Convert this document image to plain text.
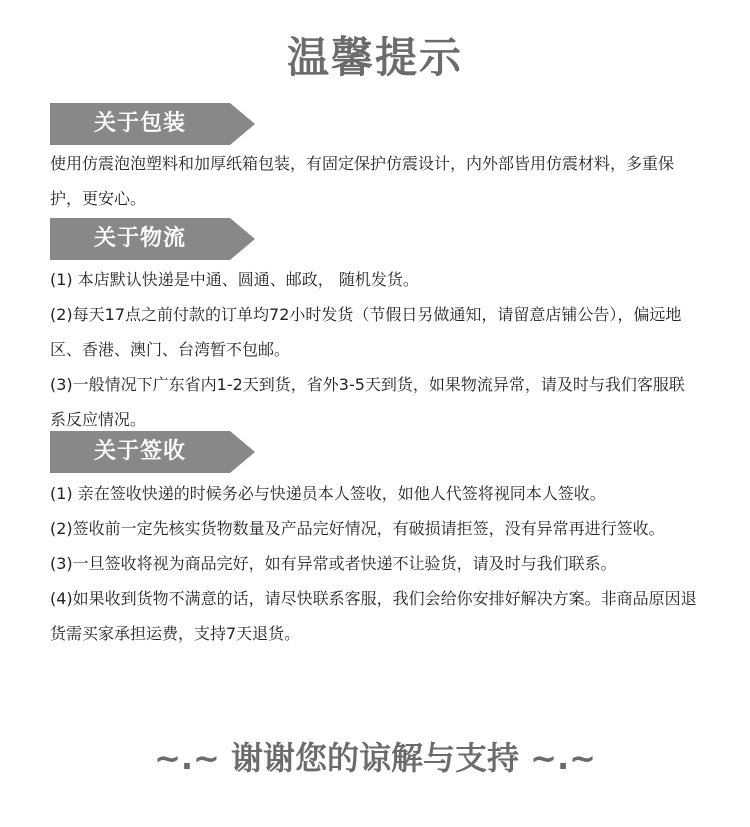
温馨提示
关于包装

使用仿震泡泡塑料和加厚纸箱包装，有固定保护仿震设计，内外部皆用仿震材料，多重保护，更安心。

关于物流

(1) 本店默认快递是中通、圆通、邮政， 随机发货。

(2)每天17点之前付款的订单均72小时发货（节假日另做通知，请留意店铺公告），偏远地区、香港、澳门、台湾暂不包邮。

(3)一般情况下广东省内1-2天到货，省外3-5天到货，如果物流异常，请及时与我们客服联系反应情况。

关于签收

(1) 亲在签收快递的时候务必与快递员本人签收，如他人代签将视同本人签收。

(2)签收前一定先核实货物数量及产品完好情况，有破损请拒签，没有异常再进行签收。

(3)一旦签收将视为商品完好，如有异常或者快递不让验货，请及时与我们联系。

(4)如果收到货物不满意的话，请尽快联系客服，我们会给你安排好解决方案。非商品原因退货需买家承担运费，支持7天退货。

~.~ 谢谢您的谅解与支持 ~.~
